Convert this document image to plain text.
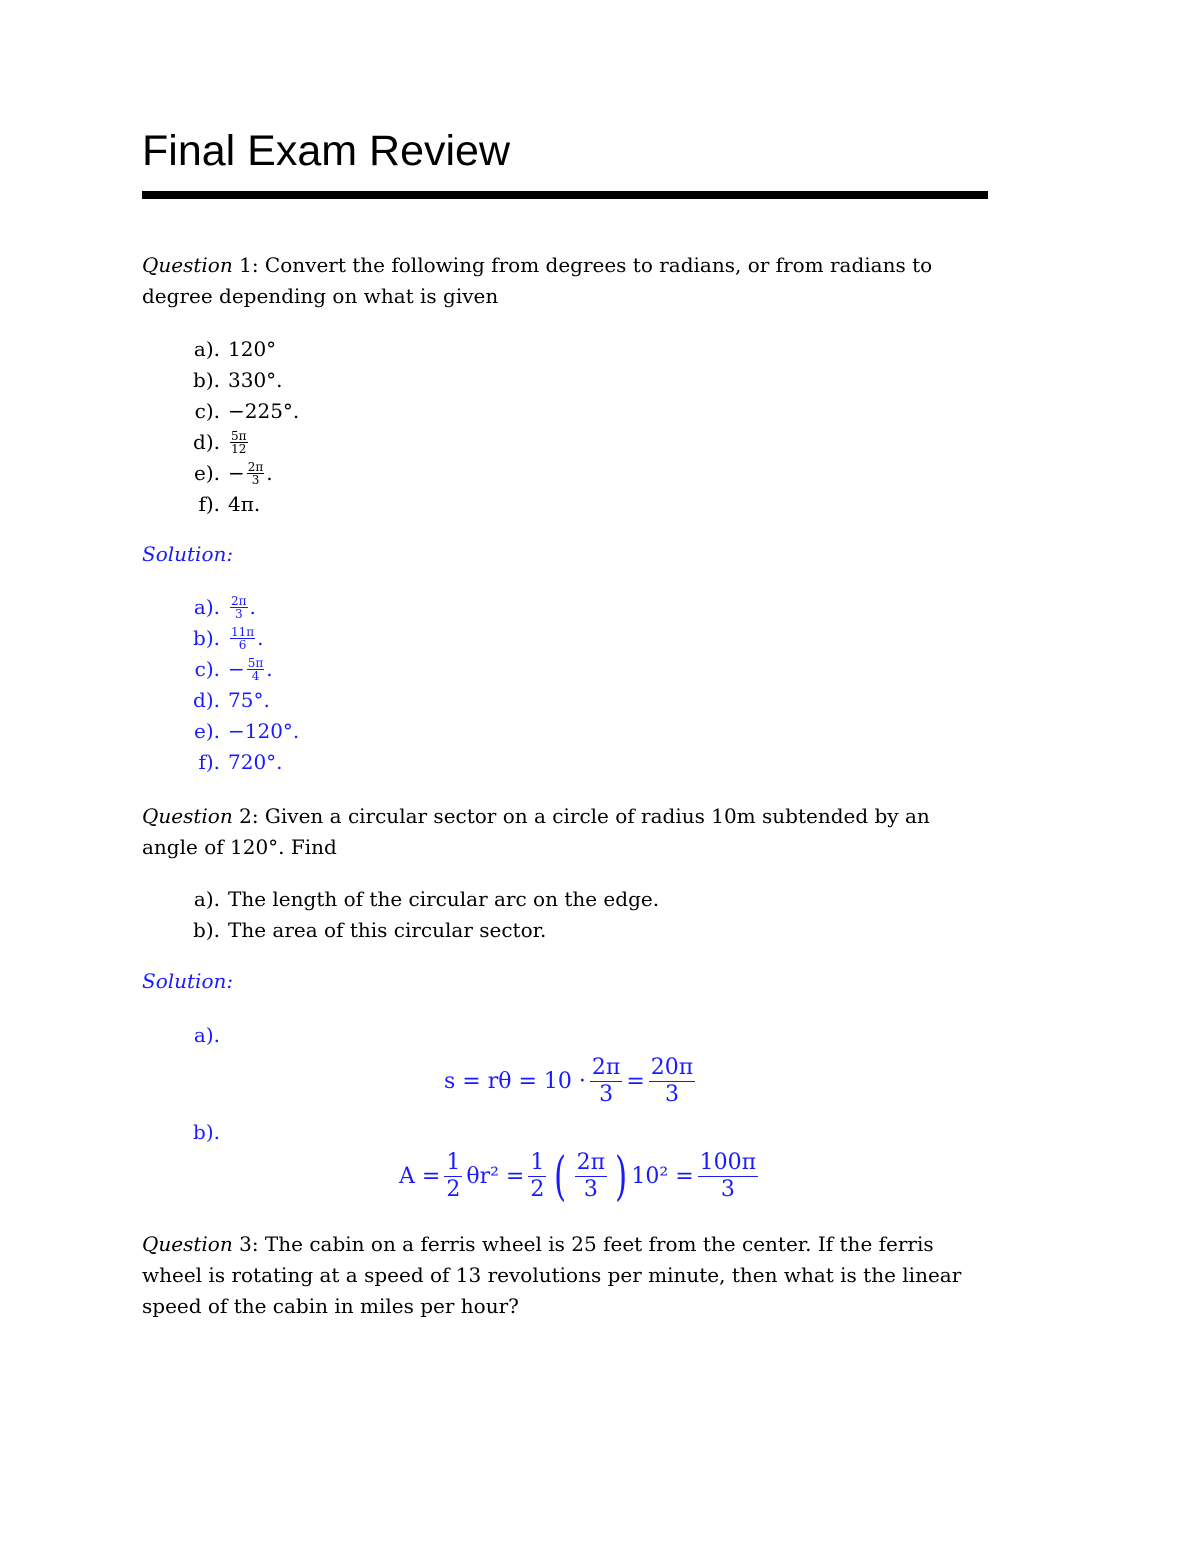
Final Exam Review

Question 1: Convert the following from degrees to radians, or from radians to degree depending on what is given

a). 120°
b). 330°.
c). −225°.
d). $\frac{5\pi}{12}$
e). − $\frac{2\pi}{3}$ .
f). 4π.
Solution:
a). $\frac{2\pi}{3}$ .
b). $\frac{11\pi}{6}$ .
c). − $\frac{5\pi}{4}$ .
d). 75°.
e). −120°.
f). 720°.

Question 2: Given a circular sector on a circle of radius 10m subtended by an angle of 120°. Find

a). The length of the circular arc on the edge.
b). The area of this circular sector.
Solution:
a).
$s = r\theta = 10 \cdot \frac{2\pi}{3} = \frac{20\pi}{3}$
b).
$A = \frac{1}{2} \theta r^2 = \frac{1}{2}$ ( $\frac{2\pi}{3}$ ) $10^2 = \frac{100\pi}{3}$

Question 3: The cabin on a ferris wheel is 25 feet from the center. If the ferris wheel is rotating at a speed of 13 revolutions per minute, then what is the linear speed of the cabin in miles per hour?
